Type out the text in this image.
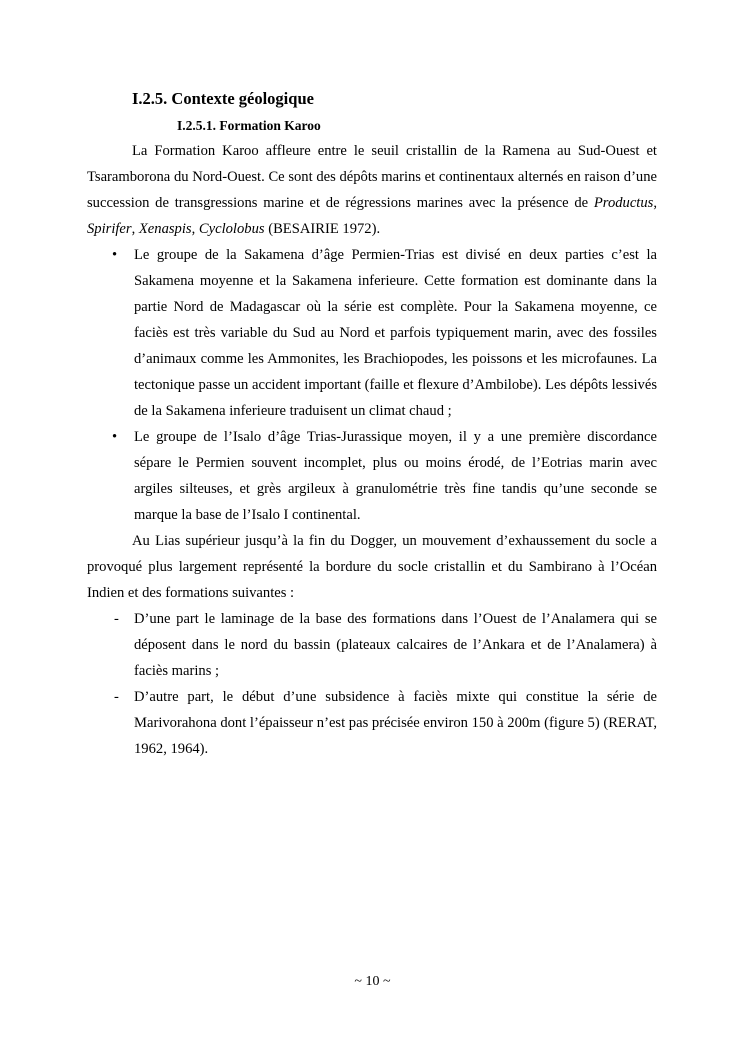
I.2.5. Contexte géologique
I.2.5.1. Formation Karoo

La Formation Karoo affleure entre le seuil cristallin de la Ramena au Sud-Ouest et Tsaramborona du Nord-Ouest. Ce sont des dépôts marins et continentaux alternés en raison d’une succession de transgressions marine et de régressions marines avec la présence de Productus, Spirifer, Xenaspis, Cyclolobus (BESAIRIE 1972).

• Le groupe de la Sakamena d’âge Permien-Trias est divisé en deux parties c’est la Sakamena moyenne et la Sakamena inferieure. Cette formation est dominante dans la partie Nord de Madagascar où la série est complète. Pour la Sakamena moyenne, ce faciès est très variable du Sud au Nord et parfois typiquement marin, avec des fossiles d’animaux comme les Ammonites, les Brachiopodes, les poissons et les microfaunes. La tectonique passe un accident important (faille et flexure d’Ambilobe). Les dépôts lessivés de la Sakamena inferieure traduisent un climat chaud ;
• Le groupe de l’Isalo d’âge Trias-Jurassique moyen, il y a une première discordance sépare le Permien souvent incomplet, plus ou moins érodé, de l’Eotrias marin avec argiles silteuses, et grès argileux à granulométrie très fine tandis qu’une seconde se marque la base de l’Isalo I continental.

Au Lias supérieur jusqu’à la fin du Dogger, un mouvement d’exhaussement du socle a provoqué plus largement représenté la bordure du socle cristallin et du Sambirano à l’Océan Indien et des formations suivantes :

- D’une part le laminage de la base des formations dans l’Ouest de l’Analamera qui se déposent dans le nord du bassin (plateaux calcaires de l’Ankara et de l’Analamera) à faciès marins ;
- D’autre part, le début d’une subsidence à faciès mixte qui constitue la série de Marivorahona dont l’épaisseur n’est pas précisée environ 150 à 200m (figure 5) (RERAT, 1962, 1964).
~ 10 ~
